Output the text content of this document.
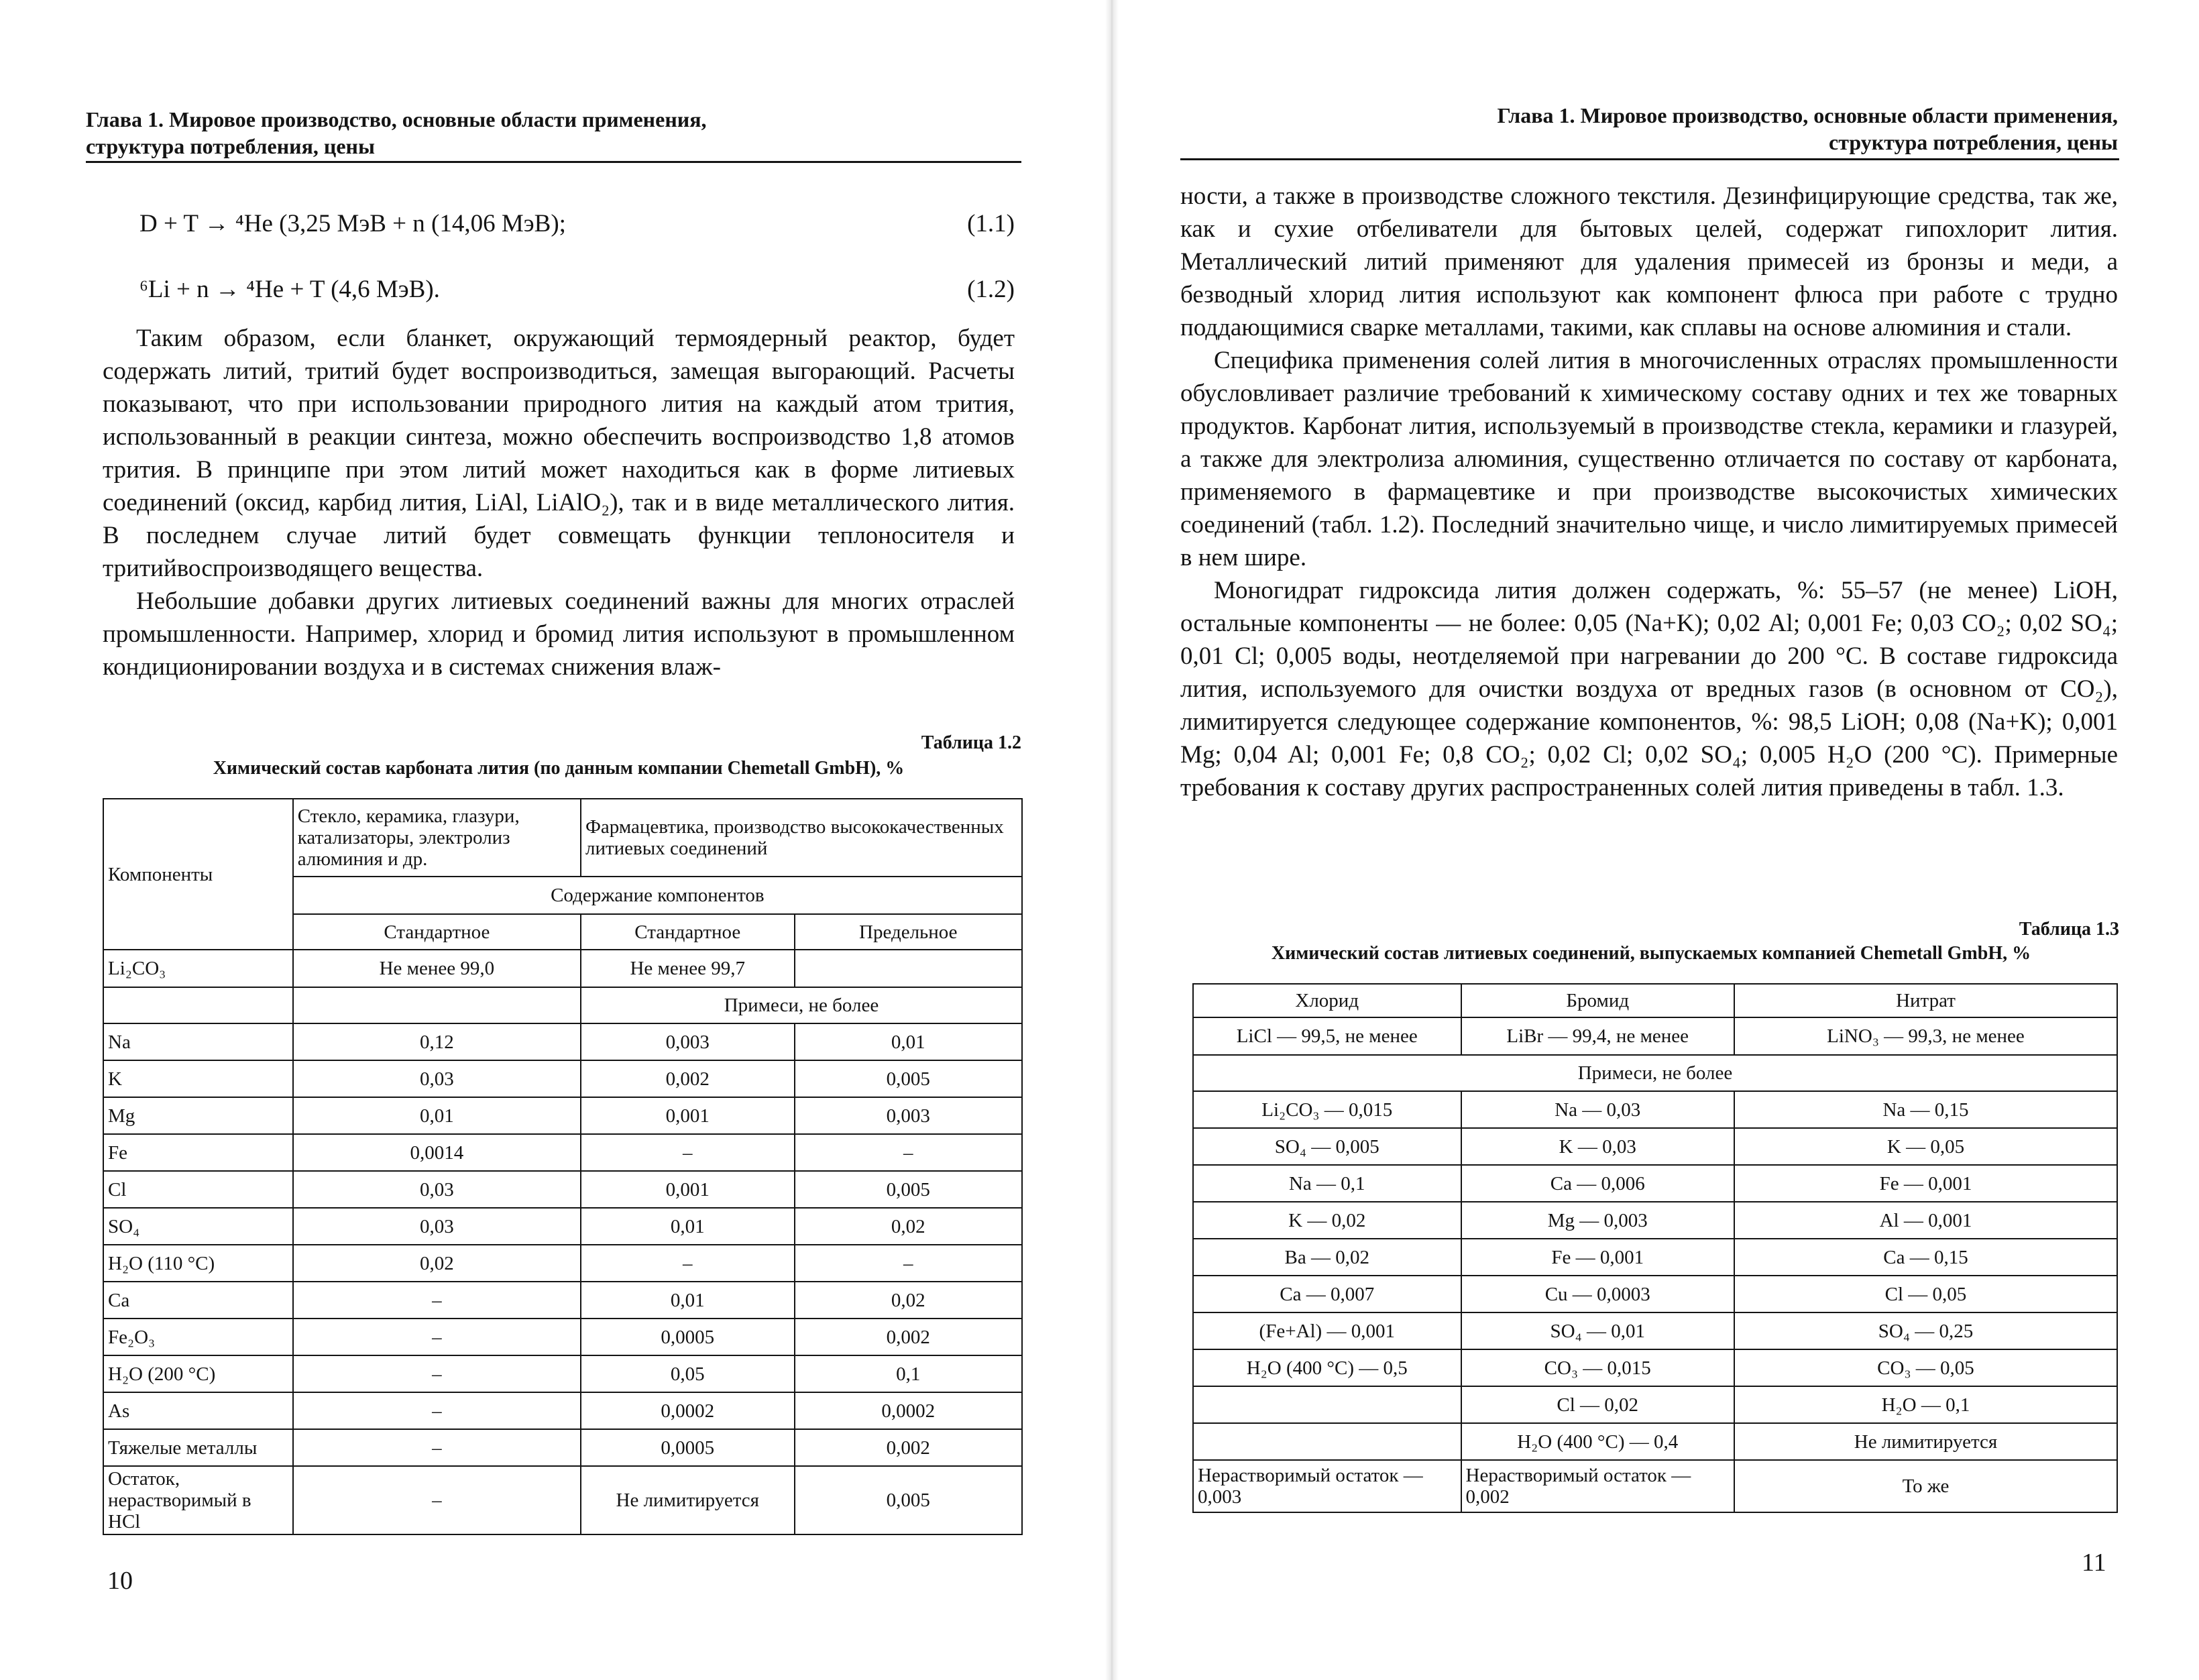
Глава 1. Мировое производство, основные области применения,
структура потребления, цены
D + T → ⁴He (3,25 МэВ + n (14,06 МэВ);	(1.1)
⁶Li + n → ⁴He + T (4,6 МэВ).	(1.2)

Таким образом, если бланкет, окружающий термоядерный реактор, будет содержать литий, тритий будет воспроизводиться, замещая выгорающий. Расчеты показывают, что при использовании природного лития на каждый атом трития, использованный в реакции синтеза, можно обеспечить воспроизводство 1,8 атомов трития. В принципе при этом литий может находиться как в форме литиевых соединений (оксид, карбид лития, LiAl, LiAlO₂), так и в виде металлического лития. В последнем случае литий будет совмещать функции теплоносителя и тритийвоспроизводящего вещества.

Небольшие добавки других литиевых соединений важны для многих отраслей промышленности. Например, хлорид и бромид лития используют в промышленном кондиционировании воздуха и в системах снижения влаж-

Таблица 1.2
Химический состав карбоната лития (по данным компании Chemetall GmbH), %
Компоненты	Стекло, керамика, глазури, катализаторы, электролиз алюминия и др.	Фармацевтика, производство высококачественных литиевых соединений	
	Содержание компонентов		
	Стандартное	Стандартное	Предельное
Li₂CO₃	Не менее 99,0	Не менее 99,7	
		Примеси, не более	
Na	0,12	0,003	0,01
K	0,03	0,002	0,005
Mg	0,01	0,001	0,003
Fe	0,0014	–	–
Cl	0,03	0,001	0,005
SO₄	0,03	0,01	0,02
H₂O (110 °C)	0,02	–	–
Ca	–	0,01	0,02
Fe₂O₃	–	0,0005	0,002
H₂O (200 °C)	–	0,05	0,1
As	–	0,0002	0,0002
Тяжелые металлы	–	0,0005	0,002
Остаток, нерастворимый в HCl	–	Не лимитируется	0,005
10
Глава 1. Мировое производство, основные области применения,
структура потребления, цены

ности, а также в производстве сложного текстиля. Дезинфицирующие средства, так же, как и сухие отбеливатели для бытовых целей, содержат гипохлорит лития. Металлический литий применяют для удаления примесей из бронзы и меди, а безводный хлорид лития используют как компонент флюса при работе с трудно поддающимися сварке металлами, такими, как сплавы на основе алюминия и стали.

Специфика применения солей лития в многочисленных отраслях промышленности обусловливает различие требований к химическому составу одних и тех же товарных продуктов. Карбонат лития, используемый в производстве стекла, керамики и глазурей, а также для электролиза алюминия, существенно отличается по составу от карбоната, применяемого в фармацевтике и при производстве высокочистых химических соединений (табл. 1.2). Последний значительно чище, и число лимитируемых примесей в нем шире.

Моногидрат гидроксида лития должен содержать, %: 55–57 (не менее) LiOH, остальные компоненты — не более: 0,05 (Na+K); 0,02 Al; 0,001 Fe; 0,03 CO₂; 0,02 SO₄; 0,01 Cl; 0,005 воды, неотделяемой при нагревании до 200 °С. В составе гидроксида лития, используемого для очистки воздуха от вредных газов (в основном от CO₂), лимитируется следующее содержание компонентов, %: 98,5 LiOH; 0,08 (Na+K); 0,001 Mg; 0,04 Al; 0,001 Fe; 0,8 CO₂; 0,02 Cl; 0,02 SO₄; 0,005 H₂O (200 °С). Примерные требования к составу других распространенных солей лития приведены в табл. 1.3.

Таблица 1.3
Химический состав литиевых соединений, выпускаемых компанией Chemetall GmbH, %
Хлорид	Бромид	Нитрат
LiCl — 99,5, не менее	LiBr — 99,4, не менее	LiNO₃ — 99,3, не менее
Примеси, не более		
Li₂CO₃ — 0,015	Na — 0,03	Na — 0,15
SO₄ — 0,005	K — 0,03	K — 0,05
Na — 0,1	Ca — 0,006	Fe — 0,001
K — 0,02	Mg — 0,003	Al — 0,001
Ba — 0,02	Fe — 0,001	Ca — 0,15
Ca — 0,007	Cu — 0,0003	Cl — 0,05
(Fe+Al) — 0,001	SO₄ — 0,01	SO₄ — 0,25
H₂O (400 °C) — 0,5	CO₃ — 0,015	CO₃ — 0,05
	Cl — 0,02	H₂O — 0,1
	H₂O (400 °C) — 0,4	Не лимитируется
Нерастворимый остаток — 0,003	Нерастворимый остаток — 0,002	То же
11
